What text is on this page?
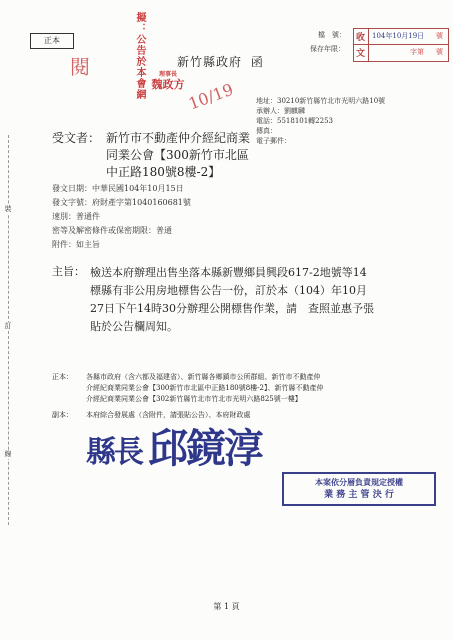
裝
訂
線
正本	擬：公告於本會網
閱	理事長
魏政方 10/19
新竹縣政府 函
檔　號：
保存年限：
收
文
104年10月19日 號
字第 號
地址：30210新竹縣竹北市光明六路10號
承辦人：劉麒麟
電話：5518101轉2253
傳真：
電子郵件：
受文者： 新竹市不動產仲介經紀商業
同業公會【300新竹市北區
中正路180號8樓-2】
發文日期：中華民國104年10月15日
發文字號：府財產字第1040160681號
速別：普通件
密等及解密條件或保密期限：普通
附件：如主旨
主旨： 檢送本府辦理出售坐落本縣新豐鄉員興段617-2地號等14
標縣有非公用房地標售公告一份，訂於本（104）年10月
27日下午14時30分辦理公開標售作業，請　查照並惠予張
貼於公告欄周知。
正本： 各縣市政府（含六都及福建省）、新竹縣各鄉鎮市公所群組、新竹市不動產仲
介經紀商業同業公會【300新竹市北區中正路180號8樓-2】、新竹縣不動產仲
介經紀商業同業公會【302新竹縣竹北市竹北市光明六路825號一樓】
副本： 本府綜合發展處（含附件，請張貼公告）、本府財政處
縣長 邱鏡淳
本案依分層負責規定授權
業 務 主 管 決 行
第 1 頁
